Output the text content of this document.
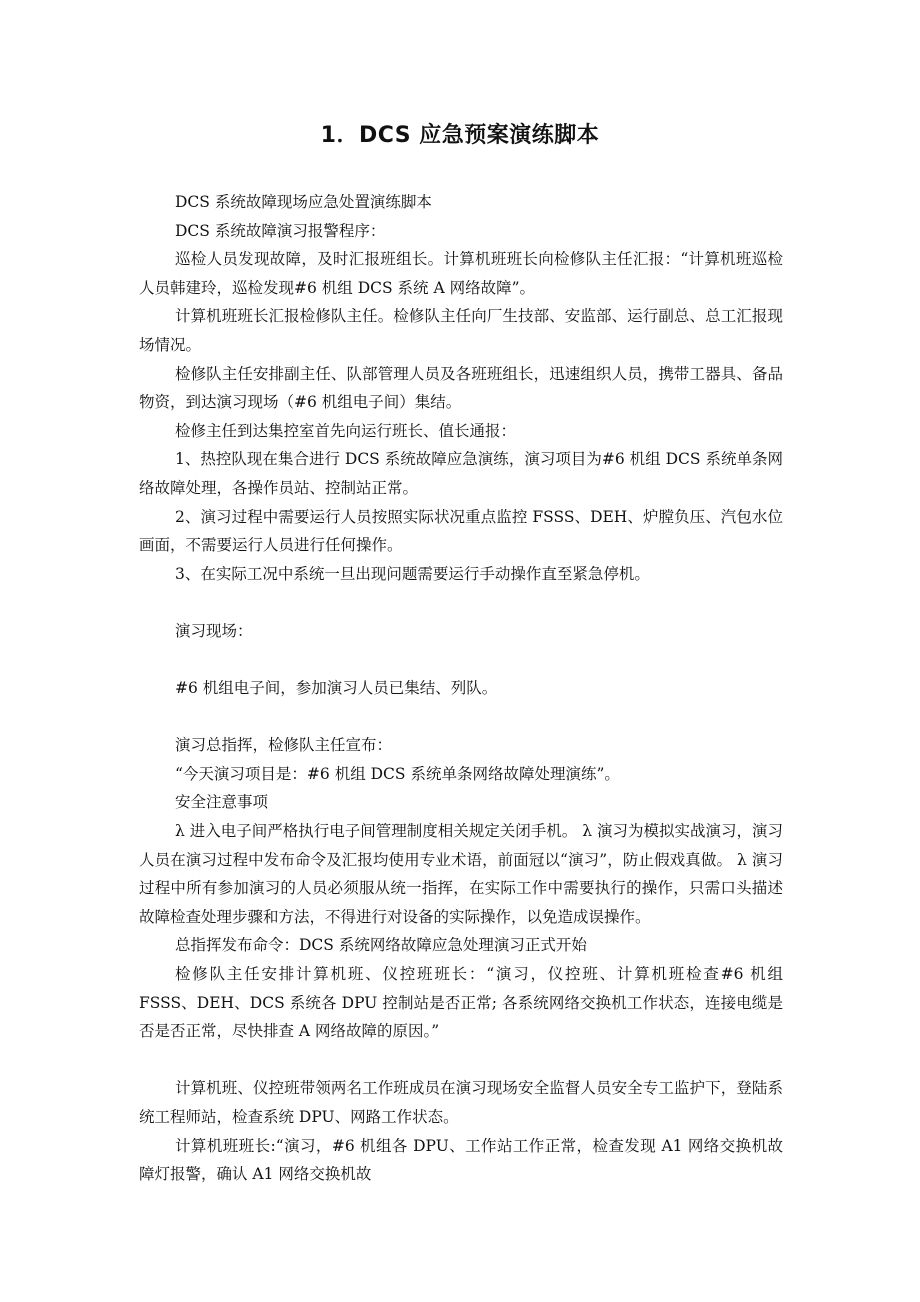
1．DCS 应急预案演练脚本

DCS 系统故障现场应急处置演练脚本

DCS 系统故障演习报警程序：

巡检人员发现故障，及时汇报班组长。计算机班班长向检修队主任汇报：“计算机班巡检人员韩建玲，巡检发现#6 机组 DCS 系统 A 网络故障”。

计算机班班长汇报检修队主任。检修队主任向厂生技部、安监部、运行副总、总工汇报现场情况。

检修队主任安排副主任、队部管理人员及各班班组长，迅速组织人员，携带工器具、备品物资，到达演习现场（#6 机组电子间）集结。

检修主任到达集控室首先向运行班长、值长通报：

1、热控队现在集合进行 DCS 系统故障应急演练，演习项目为#6 机组 DCS 系统单条网络故障处理，各操作员站、控制站正常。

2、演习过程中需要运行人员按照实际状况重点监控 FSSS、DEH、炉膛负压、汽包水位画面，不需要运行人员进行任何操作。

3、在实际工况中系统一旦出现问题需要运行手动操作直至紧急停机。

演习现场：

#6 机组电子间，参加演习人员已集结、列队。

演习总指挥，检修队主任宣布：

“今天演习项目是：#6 机组 DCS 系统单条网络故障处理演练”。

安全注意事项

λ 进入电子间严格执行电子间管理制度相关规定关闭手机。 λ 演习为模拟实战演习，演习人员在演习过程中发布命令及汇报均使用专业术语，前面冠以“演习”，防止假戏真做。 λ 演习过程中所有参加演习的人员必须服从统一指挥，在实际工作中需要执行的操作，只需口头描述故障检查处理步骤和方法，不得进行对设备的实际操作，以免造成误操作。

总指挥发布命令：DCS 系统网络故障应急处理演习正式开始

检修队主任安排计算机班、仪控班班长：“演习，仪控班、计算机班检查#6 机组 FSSS、DEH、DCS 系统各 DPU 控制站是否正常; 各系统网络交换机工作状态，连接电缆是否是否正常，尽快排查 A 网络故障的原因。”

计算机班、仪控班带领两名工作班成员在演习现场安全监督人员安全专工监护下，登陆系统工程师站，检查系统 DPU、网路工作状态。

计算机班班长:“演习，#6 机组各 DPU、工作站工作正常，检查发现 A1 网络交换机故障灯报警，确认 A1 网络交换机故
